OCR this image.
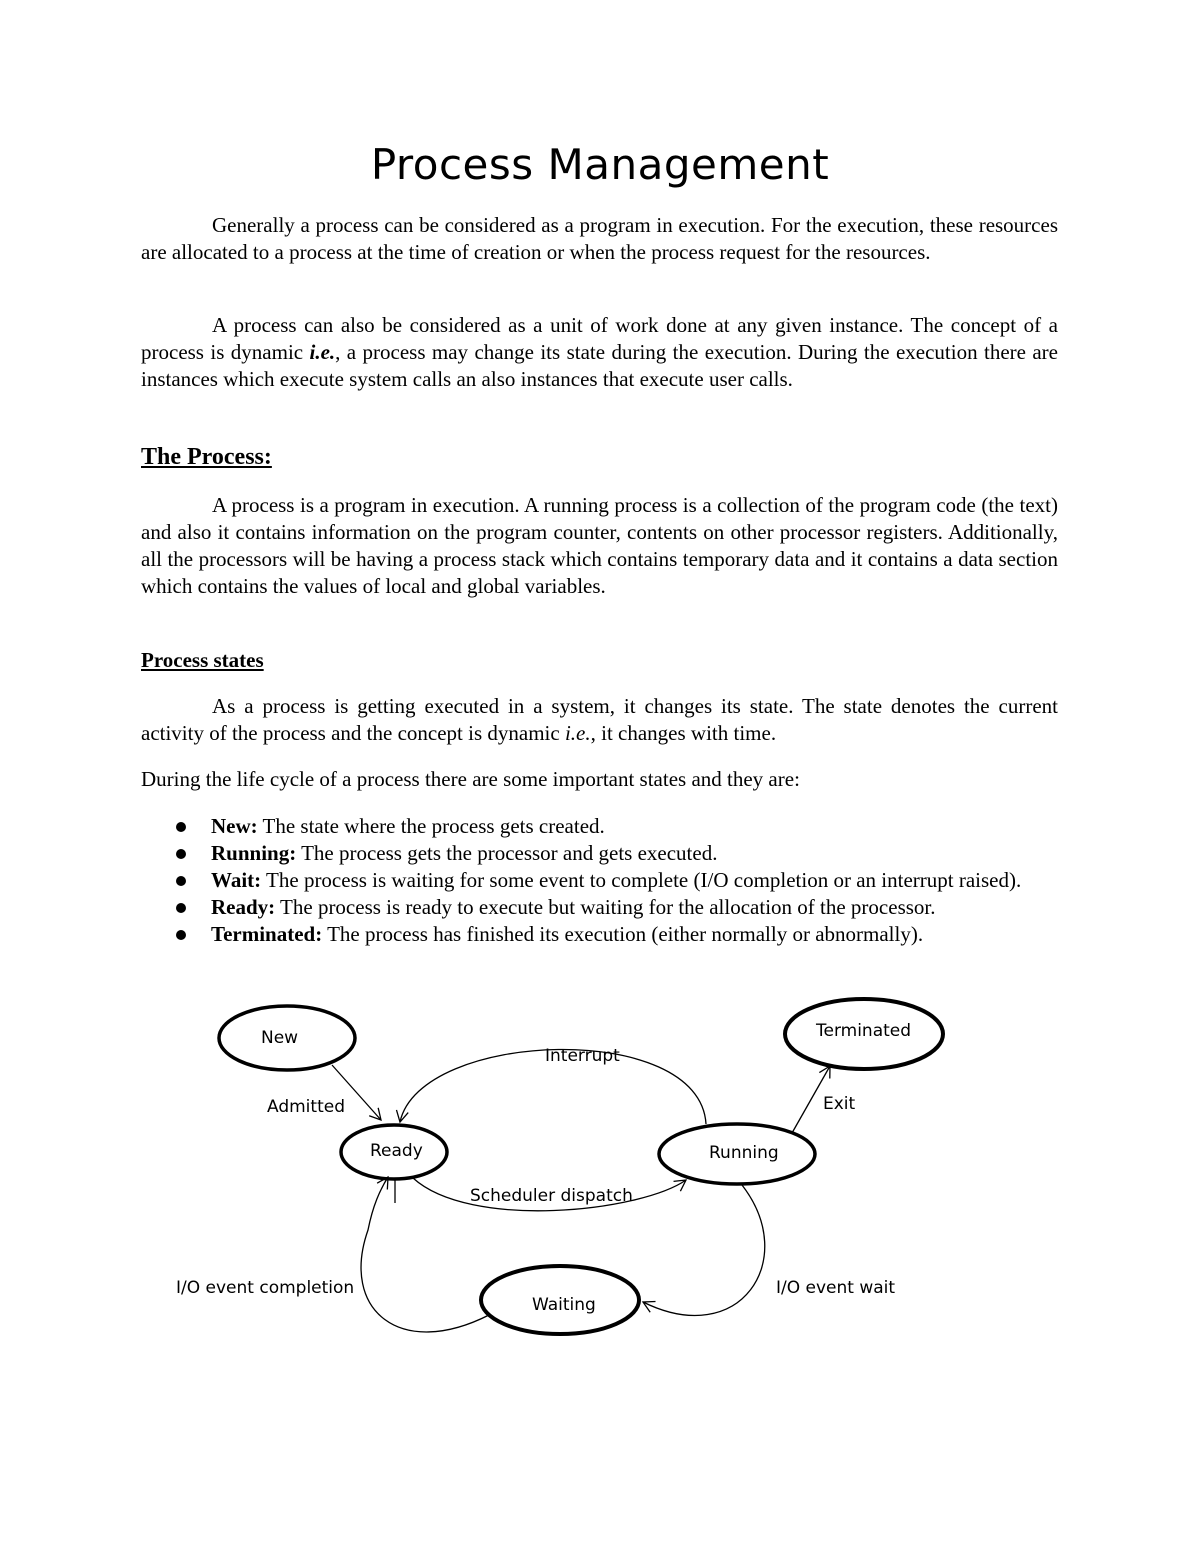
Process Management

Generally a process can be considered as a program in execution. For the execution, these resources are allocated to a process at the time of creation or when the process request for the resources.

A process can also be considered as a unit of work done at any given instance. The concept of a process is dynamic i.e., a process may change its state during the execution. During the execution there are instances which execute system calls an also instances that execute user calls.

The Process:

A process is a program in execution. A running process is a collection of the program code (the text) and also it contains information on the program counter, contents on other processor registers. Additionally, all the processors will be having a process stack which contains temporary data and it contains a data section which contains the values of local and global variables.

Process states

As a process is getting executed in a system, it changes its state. The state denotes the current activity of the process and the concept is dynamic i.e., it changes with time.

During the life cycle of a process there are some important states and they are:

New: The state where the process gets created.
Running: The process gets the processor and gets executed.
Wait: The process is waiting for some event to complete (I/O completion or an interrupt raised).
Ready: The process is ready to execute but waiting for the allocation of the processor.
Terminated: The process has finished its execution (either normally or abnormally).
New	Terminated
Ready	Running
Waiting
Admitted
Interrupt
Scheduler dispatch
Exit
I/O event completion	I/O event wait
